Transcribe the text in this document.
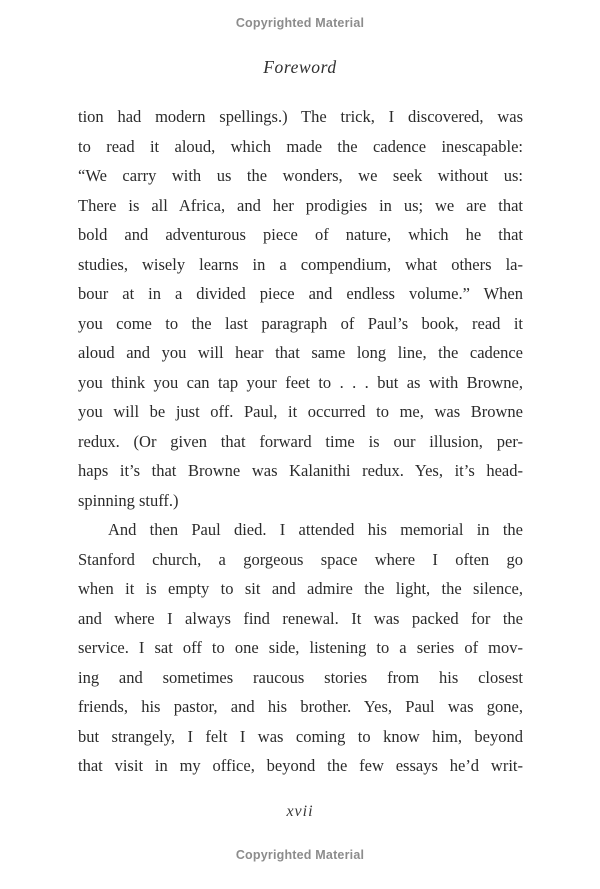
Copyrighted Material
Foreword
tion had modern spellings.) The trick, I discovered, was
to read it aloud, which made the cadence inescapable:
“We carry with us the wonders, we seek without us:
There is all Africa, and her prodigies in us; we are that
bold and adventurous piece of nature, which he that
studies, wisely learns in a compendium, what others la-
bour at in a divided piece and endless volume.” When
you come to the last paragraph of Paul’s book, read it
aloud and you will hear that same long line, the cadence
you think you can tap your feet to . . . but as with Browne,
you will be just off. Paul, it occurred to me, was Browne
redux. (Or given that forward time is our illusion, per-
haps it’s that Browne was Kalanithi redux. Yes, it’s head-
spinning stuff.)
And then Paul died. I attended his memorial in the
Stanford church, a gorgeous space where I often go
when it is empty to sit and admire the light, the silence,
and where I always find renewal. It was packed for the
service. I sat off to one side, listening to a series of mov-
ing and sometimes raucous stories from his closest
friends, his pastor, and his brother. Yes, Paul was gone,
but strangely, I felt I was coming to know him, beyond
that visit in my office, beyond the few essays he’d writ-
xvii
Copyrighted Material
